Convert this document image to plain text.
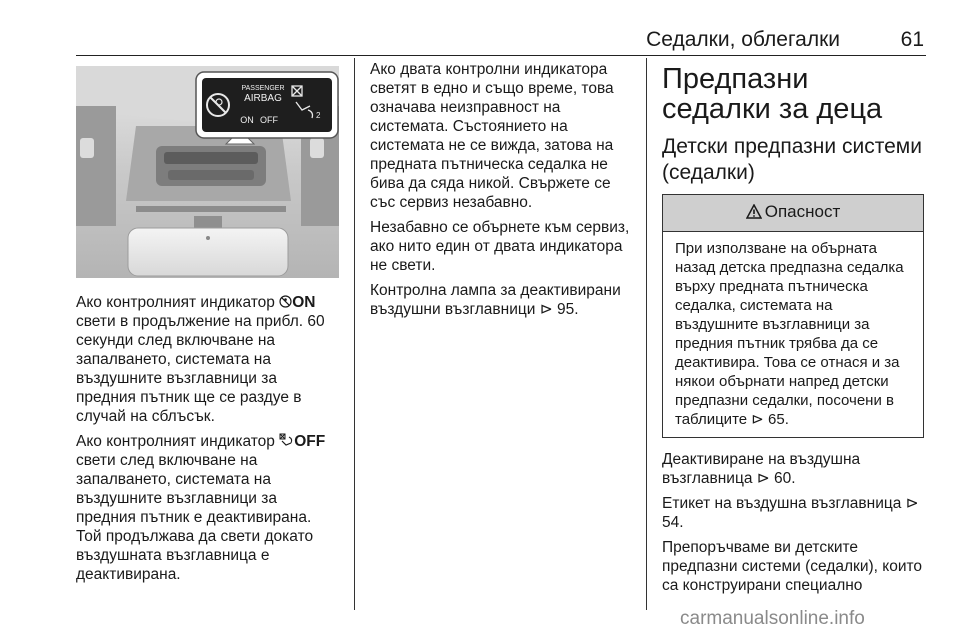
Седалки, облегалки	61
PASSENGER
AIRBAG
ON OFF	2

Ако контролният индикатор ON свети в продължение на прибл. 60 секунди след включване на запалването, системата на въздушните възглавници за предния пътник ще се раздуе в случай на сблъсък.

Ако контролният индикатор OFF свети след включване на запалването, системата на въздушните възглавници за предния пътник е деактивирана. Той продължава да свети докато въздушната възглавница е деактивирана.

Ако двата контролни индикатора светят в едно и също време, това означава неизправност на системата. Състоянието на системата не се вижда, затова на предната пътническа седалка не бива да сяда никой. Свържете се със сервиз незабавно.

Незабавно се обърнете към сервиз, ако нито един от двата индикатора не свети.

Контролна лампа за деактивирани въздушни възглавници ⊳ 95.

Предпазни седалки за деца
Детски предпазни системи (седалки)
Опасност
При използване на обърната назад детска предпазна седалка върху предната пътническа седалка, системата на въздушните възглавници за предния пътник трябва да се деактивира. Това се отнася и за някои обърнати напред детски предпазни седалки, посочени в таблиците ⊳ 65.

Деактивиране на въздушна възглавница ⊳ 60.

Етикет на въздушна възглавница ⊳ 54.

Препоръчваме ви детските предпазни системи (седалки), които са конструирани специално

carmanualsonline.info
